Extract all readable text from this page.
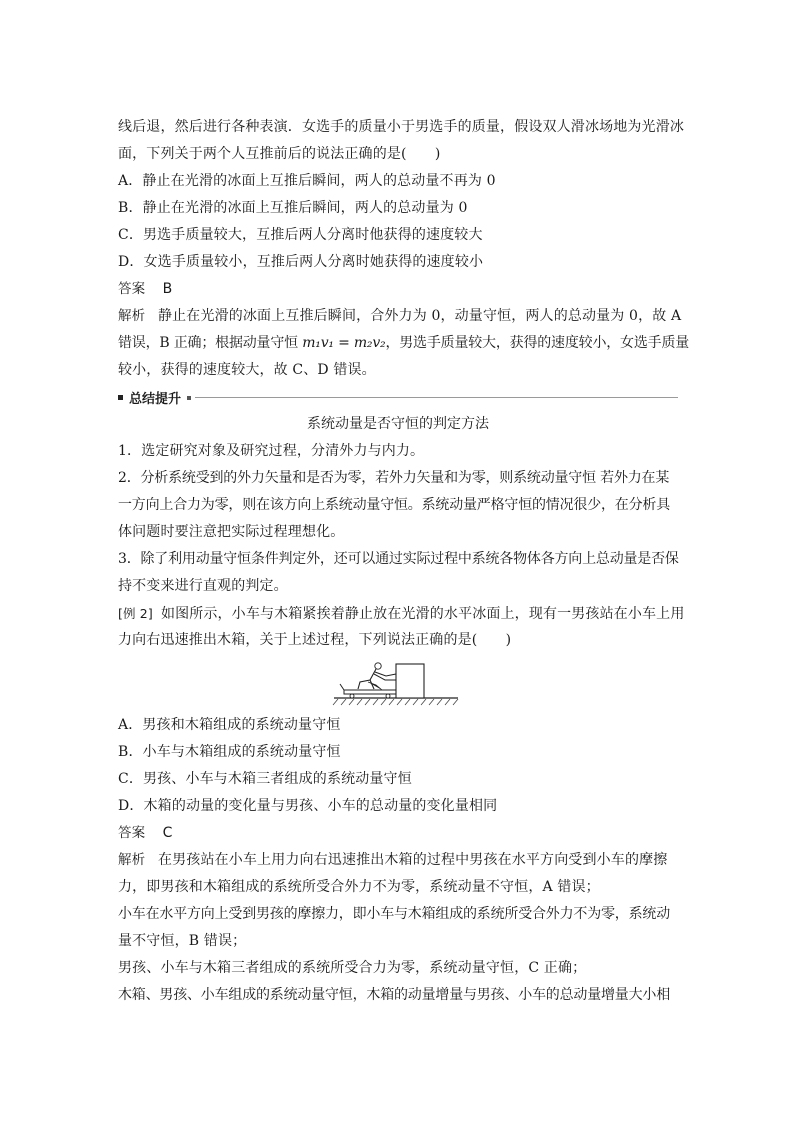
线后退，然后进行各种表演．女选手的质量小于男选手的质量，假设双人滑冰场地为光滑冰
面，下列关于两个人互推前后的说法正确的是(　　)
A．静止在光滑的冰面上互推后瞬间，两人的总动量不再为 0
B．静止在光滑的冰面上互推后瞬间，两人的总动量为 0
C．男选手质量较大，互推后两人分离时他获得的速度较大
D．女选手质量较小，互推后两人分离时她获得的速度较小
答案 B
解析 静止在光滑的冰面上互推后瞬间，合外力为 0，动量守恒，两人的总动量为 0，故 A
错误，B 正确；根据动量守恒 m₁v₁ = m₂v₂，男选手质量较大，获得的速度较小，女选手质量
较小，获得的速度较大，故 C、D 错误。
总结提升
系统动量是否守恒的判定方法
1．选定研究对象及研究过程，分清外力与内力。
2．分析系统受到的外力矢量和是否为零，若外力矢量和为零，则系统动量守恒 若外力在某
一方向上合力为零，则在该方向上系统动量守恒。系统动量严格守恒的情况很少，在分析具
体问题时要注意把实际过程理想化。
3．除了利用动量守恒条件判定外，还可以通过实际过程中系统各物体各方向上总动量是否保
持不变来进行直观的判定。
[例 2] 如图所示，小车与木箱紧挨着静止放在光滑的水平冰面上，现有一男孩站在小车上用
力向右迅速推出木箱，关于上述过程，下列说法正确的是(　　)
A．男孩和木箱组成的系统动量守恒
B．小车与木箱组成的系统动量守恒
C．男孩、小车与木箱三者组成的系统动量守恒
D．木箱的动量的变化量与男孩、小车的总动量的变化量相同
答案 C
解析 在男孩站在小车上用力向右迅速推出木箱的过程中男孩在水平方向受到小车的摩擦
力，即男孩和木箱组成的系统所受合外力不为零，系统动量不守恒，A 错误；
小车在水平方向上受到男孩的摩擦力，即小车与木箱组成的系统所受合外力不为零，系统动
量不守恒，B 错误；
男孩、小车与木箱三者组成的系统所受合力为零，系统动量守恒，C 正确；
木箱、男孩、小车组成的系统动量守恒，木箱的动量增量与男孩、小车的总动量增量大小相
